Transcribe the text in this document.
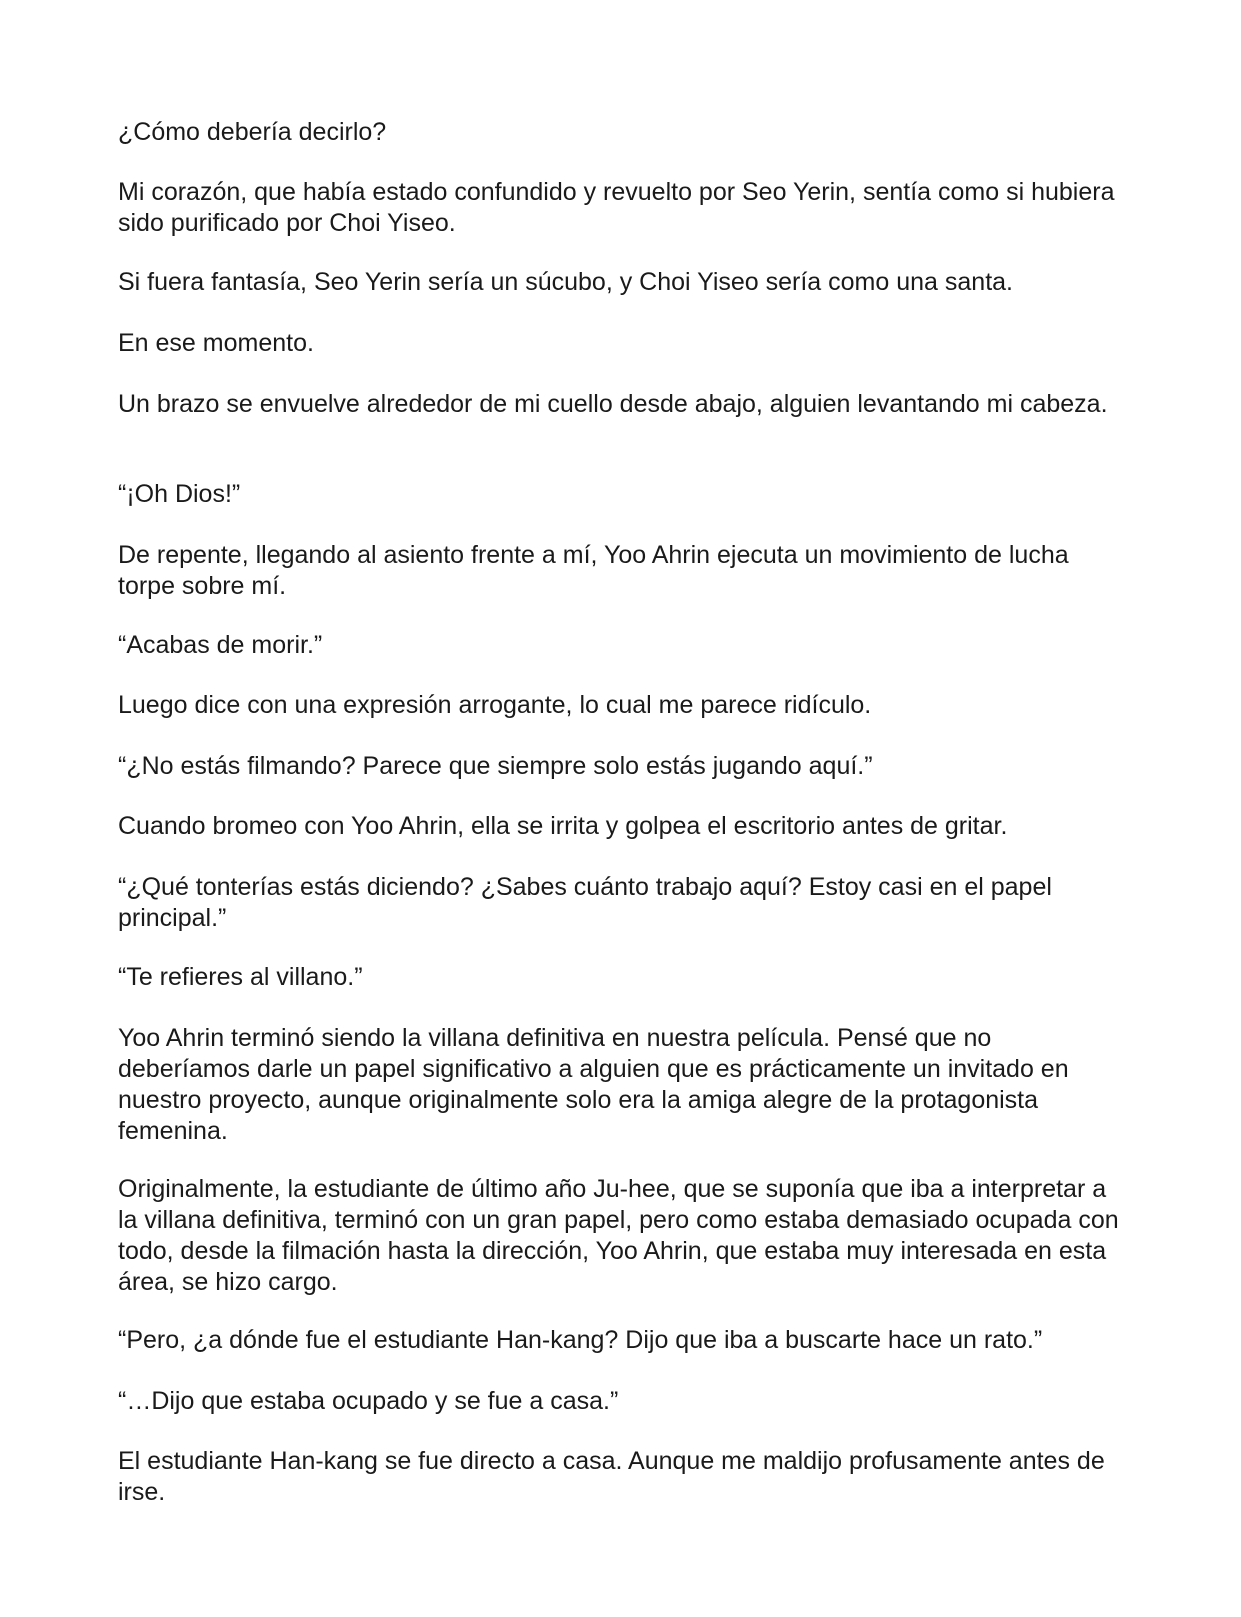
¿Cómo debería decirlo?

Mi corazón, que había estado confundido y revuelto por Seo Yerin, sentía como si hubiera sido purificado por Choi Yiseo.

Si fuera fantasía, Seo Yerin sería un súcubo, y Choi Yiseo sería como una santa.

En ese momento.

Un brazo se envuelve alrededor de mi cuello desde abajo, alguien levantando mi cabeza.

“¡Oh Dios!”

De repente, llegando al asiento frente a mí, Yoo Ahrin ejecuta un movimiento de lucha torpe sobre mí.

“Acabas de morir.”

Luego dice con una expresión arrogante, lo cual me parece ridículo.

“¿No estás filmando? Parece que siempre solo estás jugando aquí.”

Cuando bromeo con Yoo Ahrin, ella se irrita y golpea el escritorio antes de gritar.

“¿Qué tonterías estás diciendo? ¿Sabes cuánto trabajo aquí? Estoy casi en el papel principal.”

“Te refieres al villano.”

Yoo Ahrin terminó siendo la villana definitiva en nuestra película. Pensé que no deberíamos darle un papel significativo a alguien que es prácticamente un invitado en nuestro proyecto, aunque originalmente solo era la amiga alegre de la protagonista femenina.

Originalmente, la estudiante de último año Ju-hee, que se suponía que iba a interpretar a la villana definitiva, terminó con un gran papel, pero como estaba demasiado ocupada con todo, desde la filmación hasta la dirección, Yoo Ahrin, que estaba muy interesada en esta área, se hizo cargo.

“Pero, ¿a dónde fue el estudiante Han-kang? Dijo que iba a buscarte hace un rato.”

“…Dijo que estaba ocupado y se fue a casa.”

El estudiante Han-kang se fue directo a casa. Aunque me maldijo profusamente antes de irse.
